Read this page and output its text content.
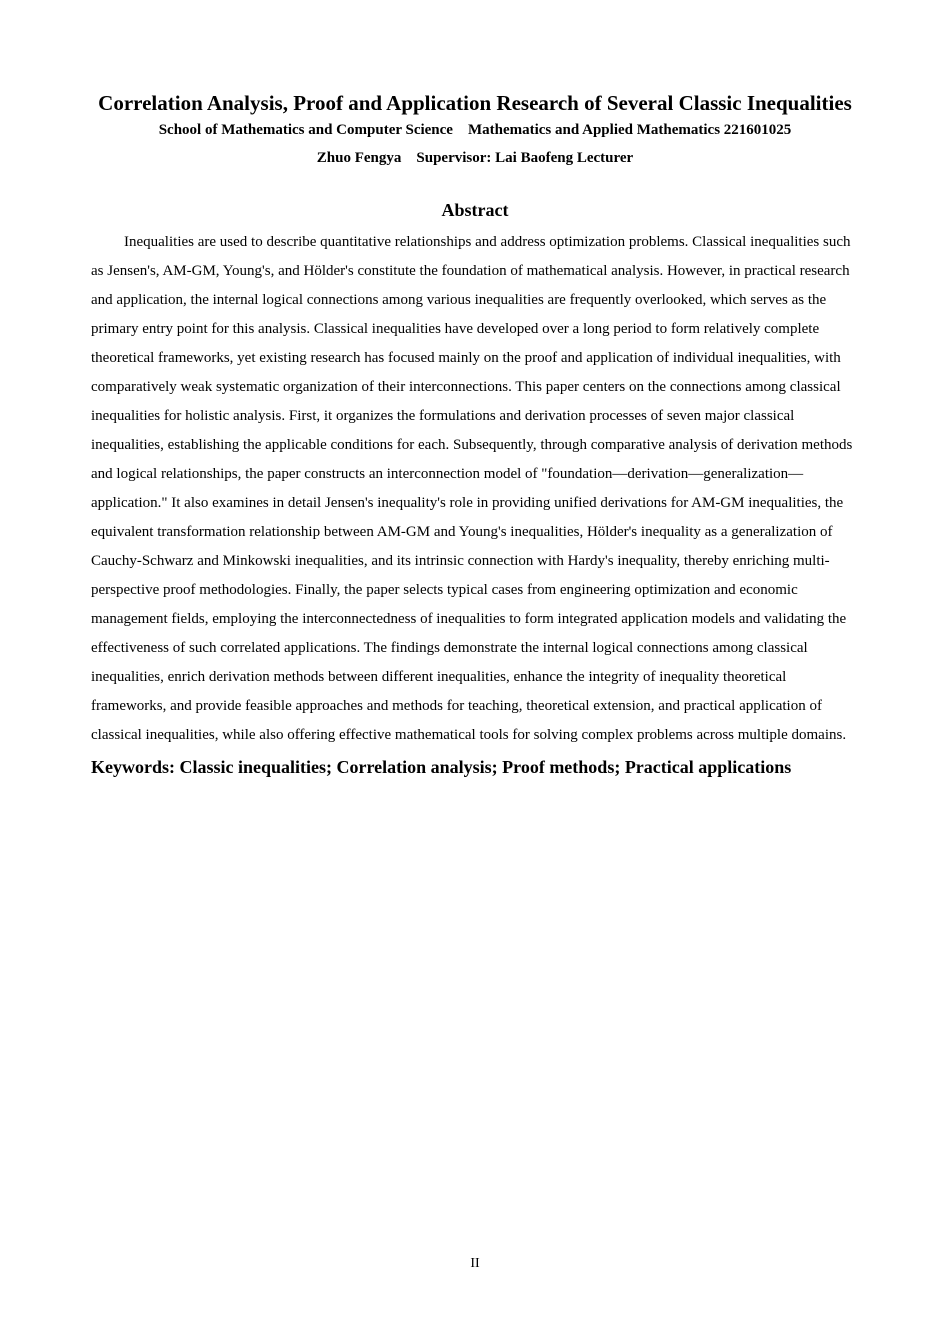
Correlation Analysis, Proof and Application Research of Several Classic Inequalities

School of Mathematics and Computer Science    Mathematics and Applied Mathematics 221601025

Zhuo Fengya    Supervisor: Lai Baofeng Lecturer

Abstract

Inequalities are used to describe quantitative relationships and address optimization problems. Classical inequalities such as Jensen's, AM-GM, Young's, and Hölder's constitute the foundation of mathematical analysis. However, in practical research and application, the internal logical connections among various inequalities are frequently overlooked, which serves as the primary entry point for this analysis. Classical inequalities have developed over a long period to form relatively complete theoretical frameworks, yet existing research has focused mainly on the proof and application of individual inequalities, with comparatively weak systematic organization of their interconnections. This paper centers on the connections among classical inequalities for holistic analysis. First, it organizes the formulations and derivation processes of seven major classical inequalities, establishing the applicable conditions for each. Subsequently, through comparative analysis of derivation methods and logical relationships, the paper constructs an interconnection model of "foundation—derivation—generalization—application." It also examines in detail Jensen's inequality's role in providing unified derivations for AM-GM inequalities, the equivalent transformation relationship between AM-GM and Young's inequalities, Hölder's inequality as a generalization of Cauchy-Schwarz and Minkowski inequalities, and its intrinsic connection with Hardy's inequality, thereby enriching multi-perspective proof methodologies. Finally, the paper selects typical cases from engineering optimization and economic management fields, employing the interconnectedness of inequalities to form integrated application models and validating the effectiveness of such correlated applications. The findings demonstrate the internal logical connections among classical inequalities, enrich derivation methods between different inequalities, enhance the integrity of inequality theoretical frameworks, and provide feasible approaches and methods for teaching, theoretical extension, and practical application of classical inequalities, while also offering effective mathematical tools for solving complex problems across multiple domains.

Keywords: Classic inequalities; Correlation analysis; Proof methods; Practical applications

II
